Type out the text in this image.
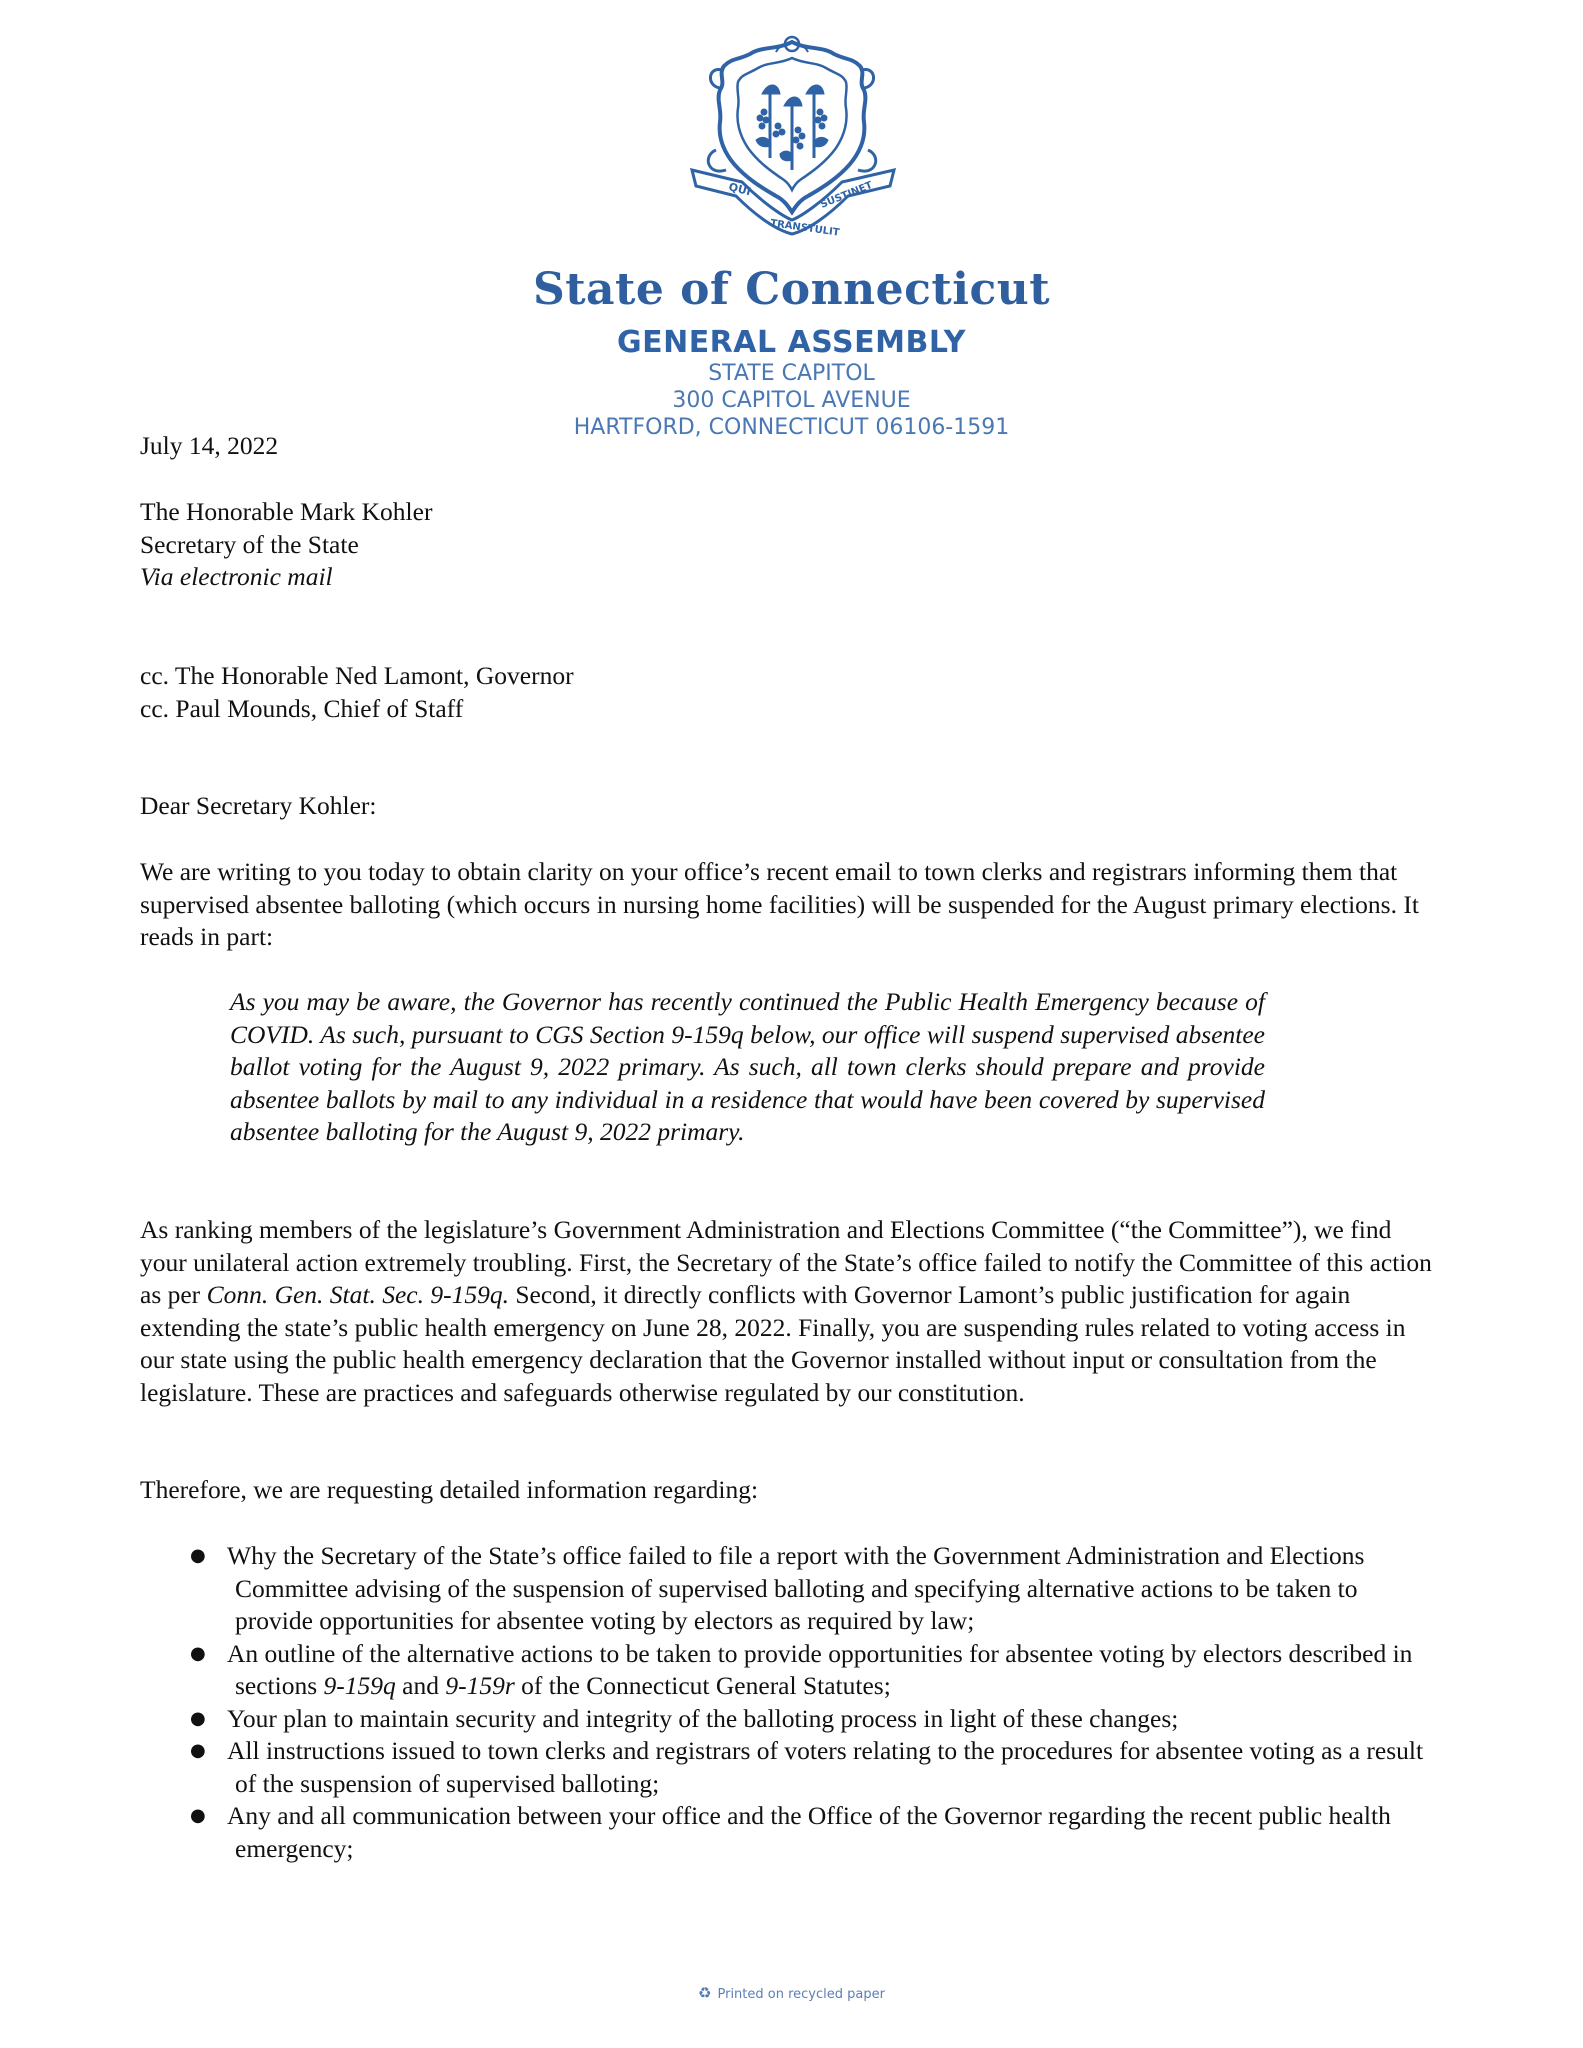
QUI
TRANSTULIT
SUSTINET
State of Connecticut
GENERAL ASSEMBLY
STATE CAPITOL
300 CAPITOL AVENUE
HARTFORD, CONNECTICUT 06106-1591
July 14, 2022

The Honorable Mark Kohler

Secretary of the State

Via electronic mail

cc. The Honorable Ned Lamont, Governor

cc. Paul Mounds, Chief of Staff

Dear Secretary Kohler:
We are writing to you today to obtain clarity on your office’s recent email to town clerks and registrars informing them that supervised absentee balloting (which occurs in nursing home facilities) will be suspended for the August primary elections. It reads in part:
As you may be aware, the Governor has recently continued the Public Health Emergency because of COVID. As such, pursuant to CGS Section 9-159q below, our office will suspend supervised absentee ballot voting for the August 9, 2022 primary. As such, all town clerks should prepare and provide absentee ballots by mail to any individual in a residence that would have been covered by supervised absentee balloting for the August 9, 2022 primary.
As ranking members of the legislature’s Government Administration and Elections Committee (“the Committee”), we find your unilateral action extremely troubling. First, the Secretary of the State’s office failed to notify the Committee of this action as per Conn. Gen. Stat. Sec. 9-159q. Second, it directly conflicts with Governor Lamont’s public justification for again extending the state’s public health emergency on June 28, 2022. Finally, you are suspending rules related to voting access in our state using the public health emergency declaration that the Governor installed without input or consultation from the legislature. These are practices and safeguards otherwise regulated by our constitution.
Therefore, we are requesting detailed information regarding:
● Why the Secretary of the State’s office failed to file a report with the Government Administration and Elections Committee advising of the suspension of supervised balloting and specifying alternative actions to be taken to provide opportunities for absentee voting by electors as required by law;
● An outline of the alternative actions to be taken to provide opportunities for absentee voting by electors described in sections 9-159q and 9-159r of the Connecticut General Statutes;
● Your plan to maintain security and integrity of the balloting process in light of these changes;
● All instructions issued to town clerks and registrars of voters relating to the procedures for absentee voting as a result of the suspension of supervised balloting;
● Any and all communication between your office and the Office of the Governor regarding the recent public health emergency;
♻ Printed on recycled paper
